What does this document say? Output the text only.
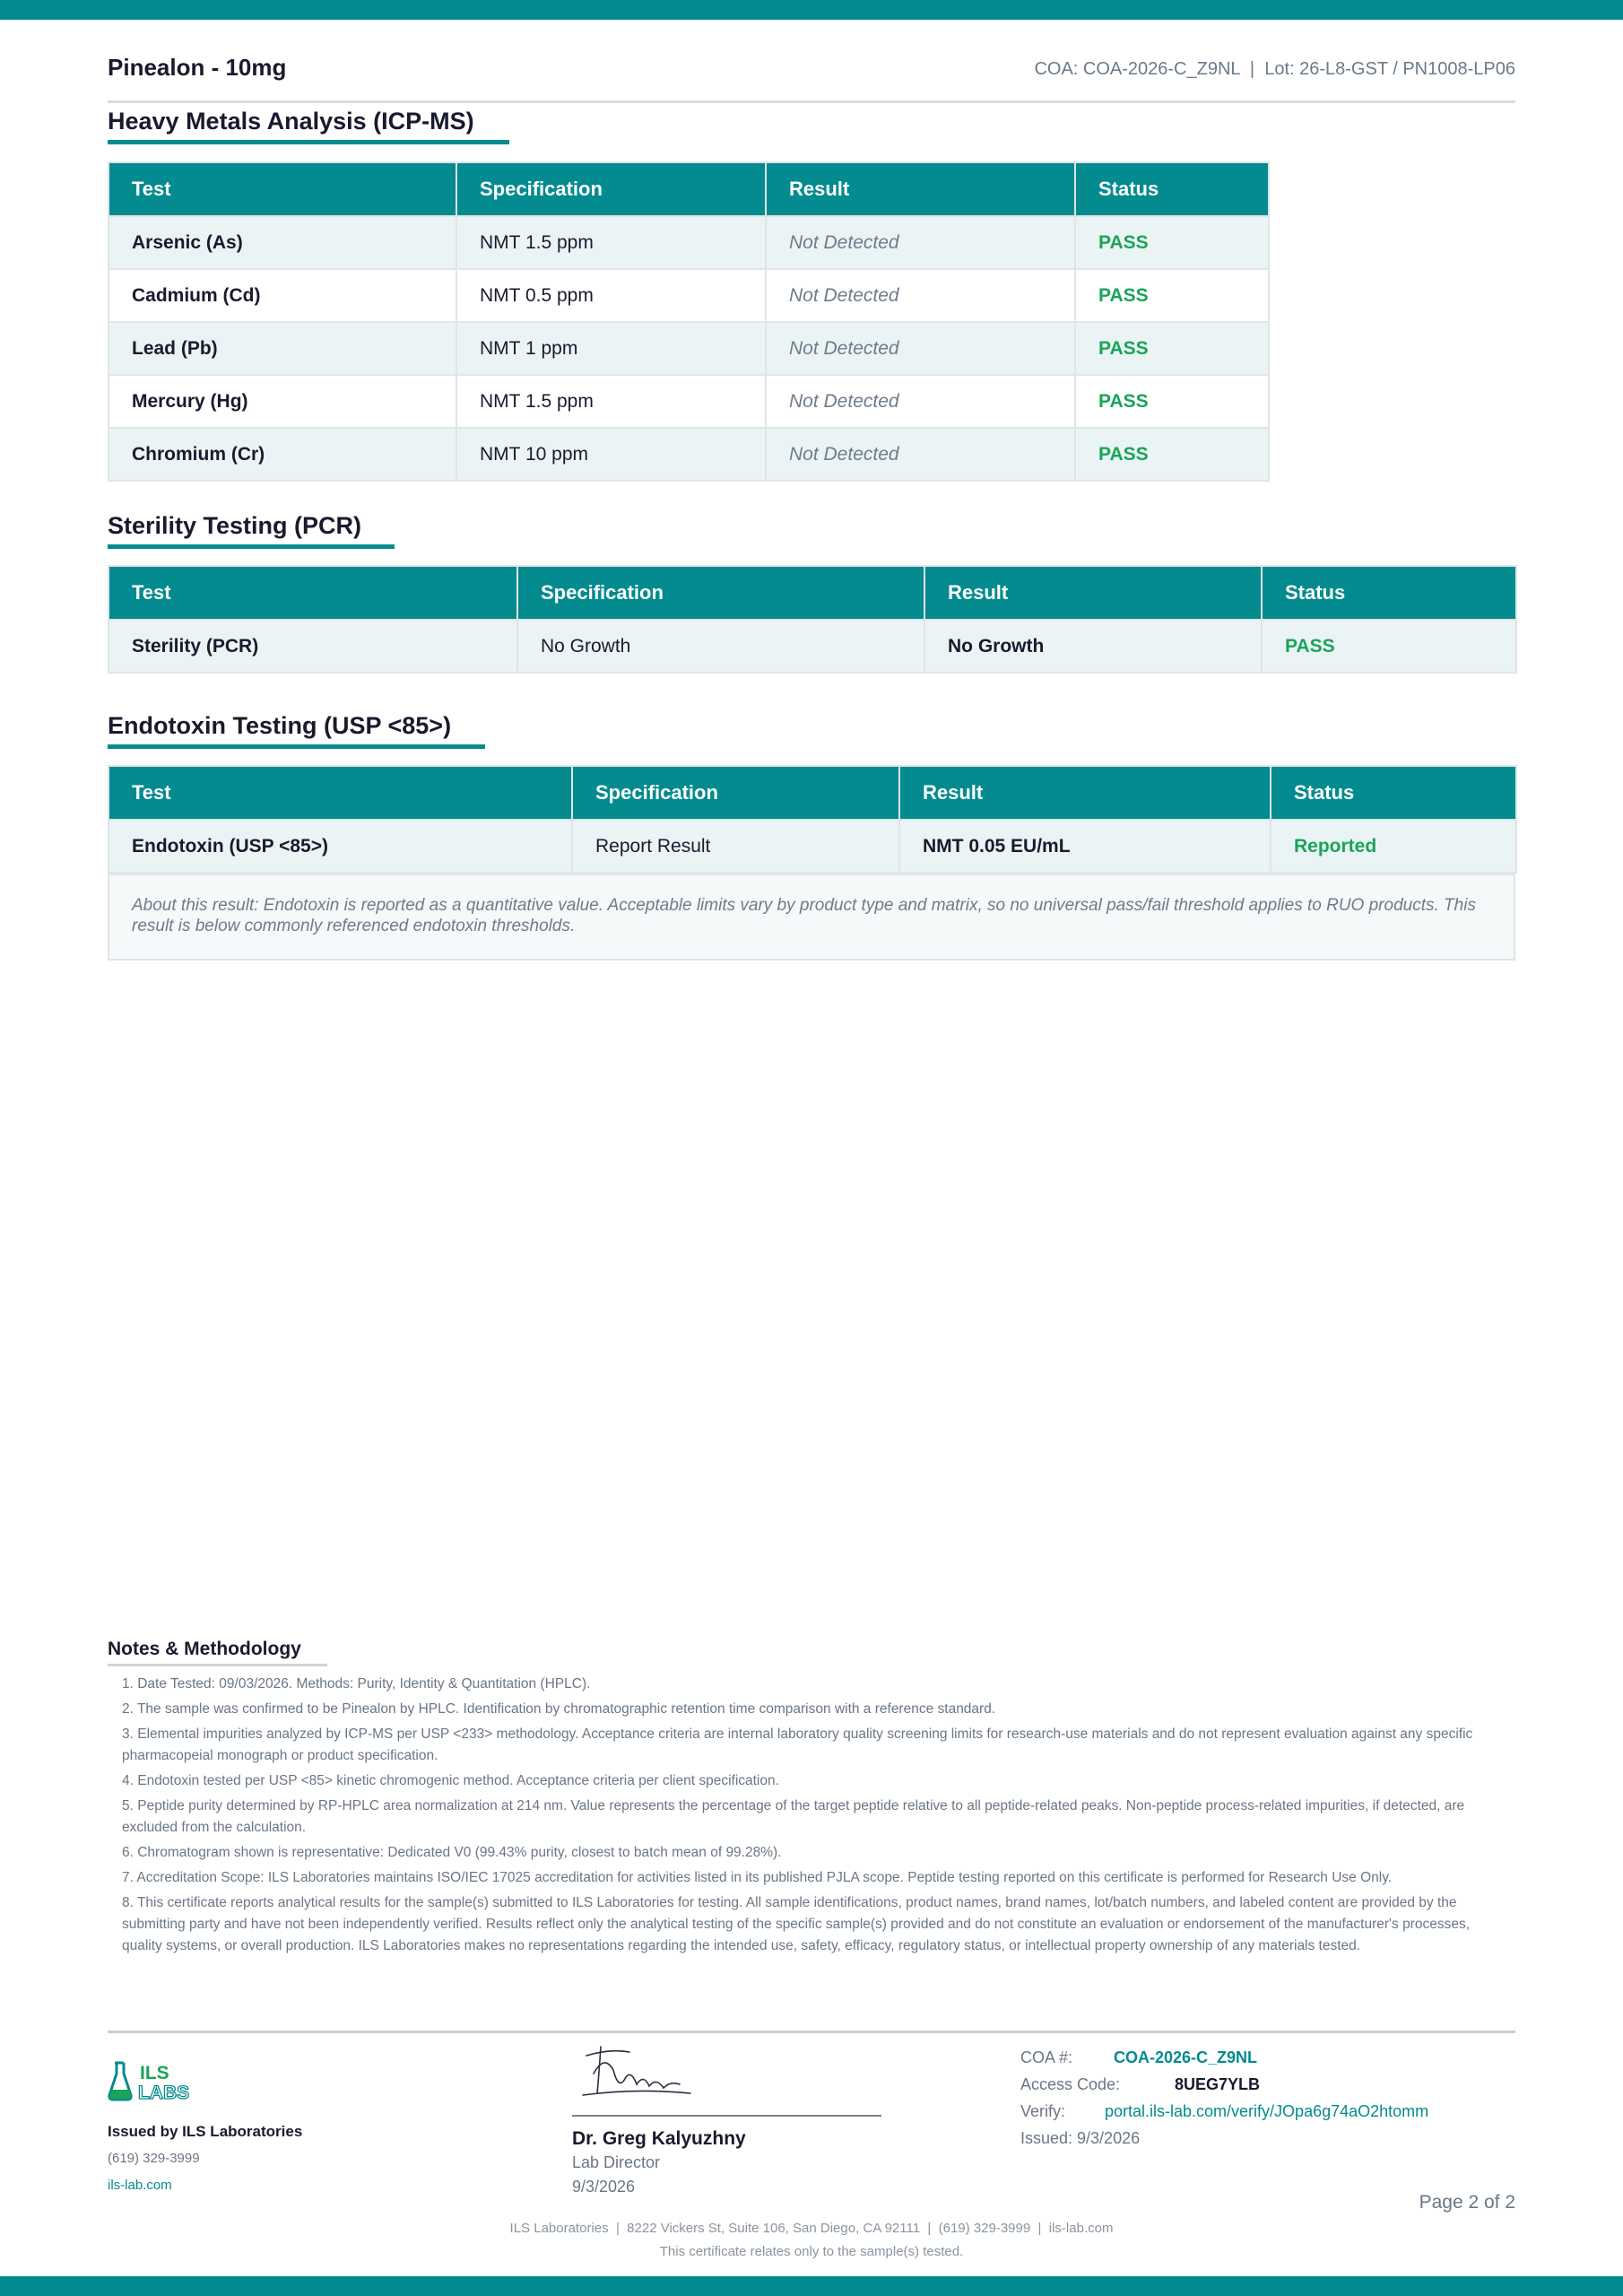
Pinealon - 10mg	COA: COA-2026-C_Z9NL  |  Lot: 26-L8-GST / PN1008-LP06
Heavy Metals Analysis (ICP-MS)
Test	Specification	Result	Status
Arsenic (As)	NMT 1.5 ppm	Not Detected	PASS
Cadmium (Cd)	NMT 0.5 ppm	Not Detected	PASS
Lead (Pb)	NMT 1 ppm	Not Detected	PASS
Mercury (Hg)	NMT 1.5 ppm	Not Detected	PASS
Chromium (Cr)	NMT 10 ppm	Not Detected	PASS
Sterility Testing (PCR)
Test	Specification	Result	Status
Sterility (PCR)	No Growth	No Growth	PASS
Endotoxin Testing (USP <85>)
Test	Specification	Result	Status
Endotoxin (USP <85>)	Report Result	NMT 0.05 EU/mL	Reported
About this result: Endotoxin is reported as a quantitative value. Acceptable limits vary by product type and matrix, so no universal pass/fail threshold applies to RUO products. This result is below commonly referenced endotoxin thresholds.
Notes & Methodology

1. Date Tested: 09/03/2026. Methods: Purity, Identity & Quantitation (HPLC).

2. The sample was confirmed to be Pinealon by HPLC. Identification by chromatographic retention time comparison with a reference standard.

3. Elemental impurities analyzed by ICP-MS per USP <233> methodology. Acceptance criteria are internal laboratory quality screening limits for research-use materials and do not represent evaluation against any specific pharmacopeial monograph or product specification.

4. Endotoxin tested per USP <85> kinetic chromogenic method. Acceptance criteria per client specification.

5. Peptide purity determined by RP-HPLC area normalization at 214 nm. Value represents the percentage of the target peptide relative to all peptide-related peaks. Non-peptide process-related impurities, if detected, are excluded from the calculation.

6. Chromatogram shown is representative: Dedicated V0 (99.43% purity, closest to batch mean of 99.28%).

7. Accreditation Scope: ILS Laboratories maintains ISO/IEC 17025 accreditation for activities listed in its published PJLA scope. Peptide testing reported on this certificate is performed for Research Use Only.

8. This certificate reports analytical results for the sample(s) submitted to ILS Laboratories for testing. All sample identifications, product names, brand names, lot/batch numbers, and labeled content are provided by the submitting party and have not been independently verified. Results reflect only the analytical testing of the specific sample(s) provided and do not constitute an evaluation or endorsement of the manufacturer's processes, quality systems, or overall production. ILS Laboratories makes no representations regarding the intended use, safety, efficacy, regulatory status, or intellectual property ownership of any materials tested.

ILS
LABS
Issued by ILS Laboratories
(619) 329-3999
ils-lab.com
Dr. Greg Kalyuzhny
Lab Director
9/3/2026
COA #:	COA-2026-C_Z9NL
Access Code:	8UEG7YLB
Verify: portal.ils-lab.com/verify/JOpa6g74aO2htomm
Issued: 9/3/2026
Page 2 of 2
ILS Laboratories  |  8222 Vickers St, Suite 106, San Diego, CA 92111  |  (619) 329-3999  |  ils-lab.com
This certificate relates only to the sample(s) tested.
